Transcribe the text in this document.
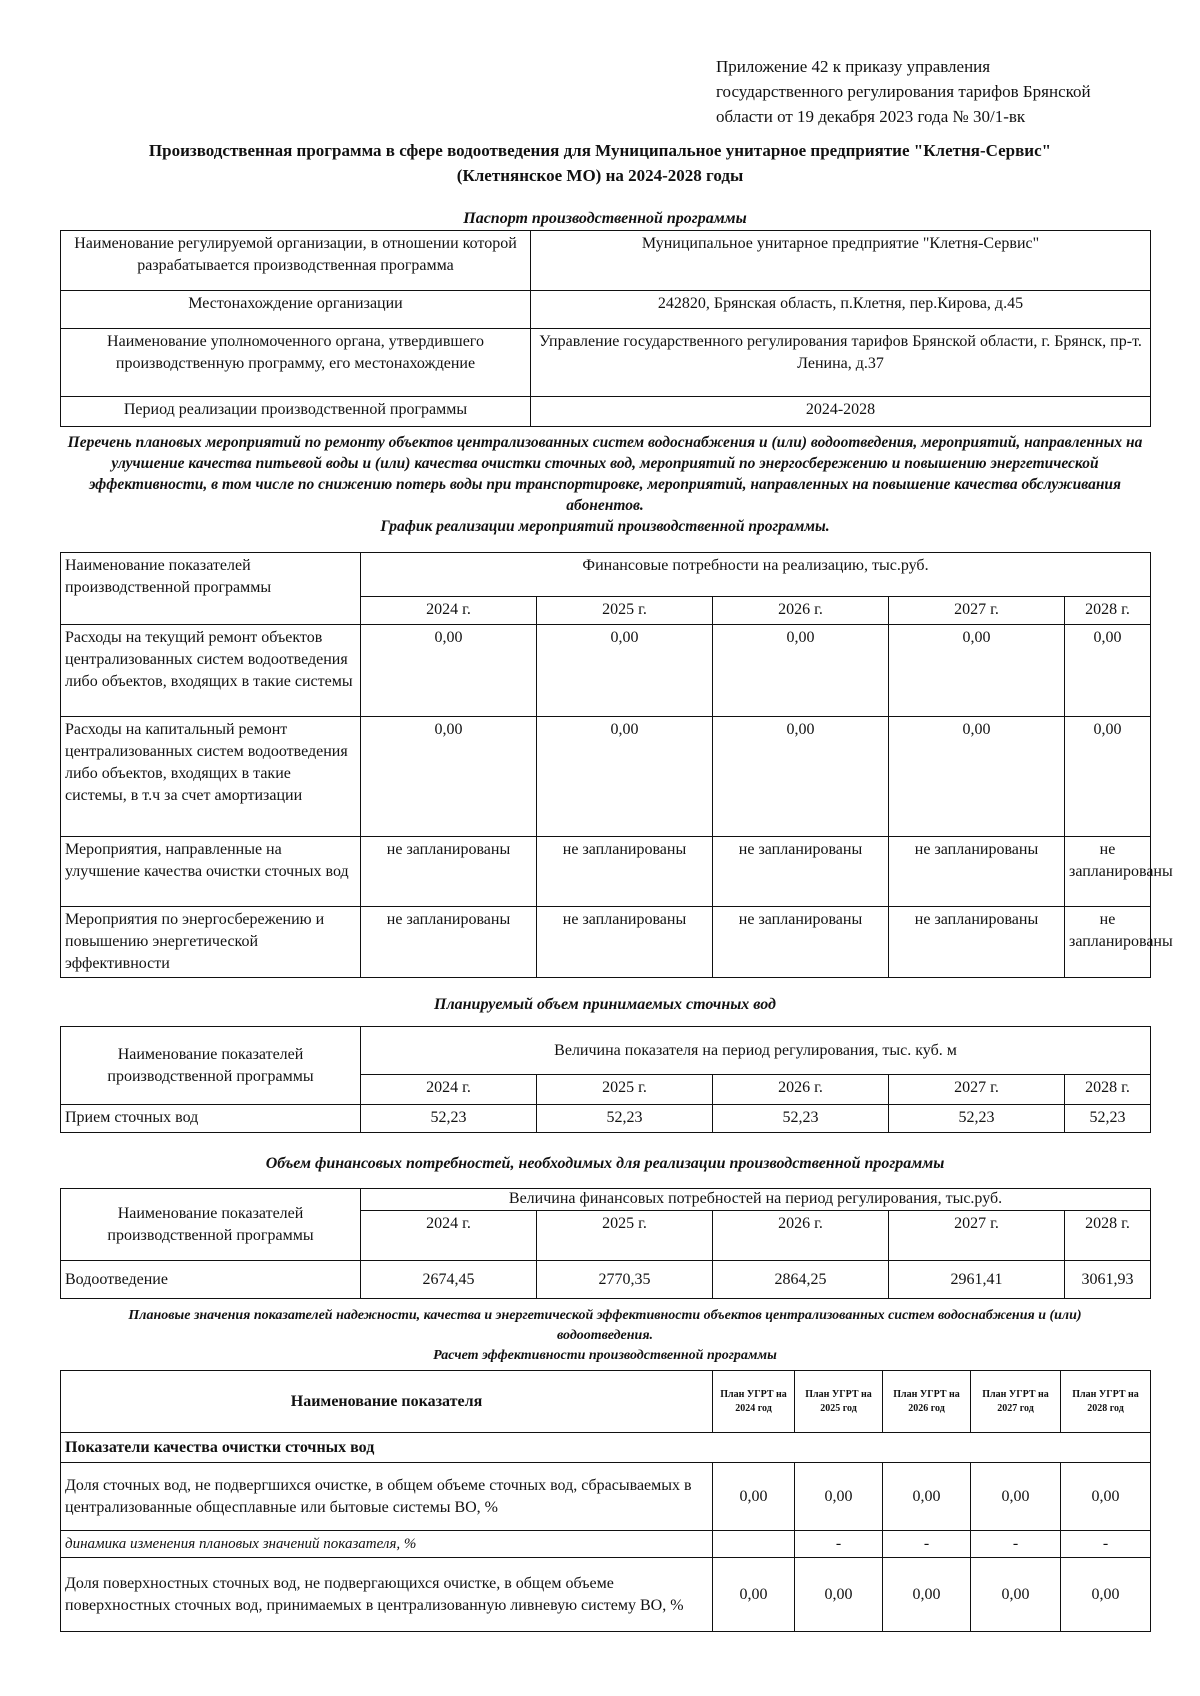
Приложение 42 к приказу управления
государственного регулирования тарифов Брянской
области от 19 декабря 2023 года № 30/1-вк
Производственная программа в сфере водоотведения для Муниципальное унитарное предприятие "Клетня-Сервис"
(Клетнянское МО) на 2024-2028 годы
Паспорт производственной программы
Наименование регулируемой организации, в отношении которой разрабатывается производственная программа	Муниципальное унитарное предприятие "Клетня-Сервис"
Местонахождение организации	242820, Брянская область, п.Клетня, пер.Кирова, д.45
Наименование уполномоченного органа, утвердившего производственную программу, его местонахождение	Управление государственного регулирования тарифов Брянской области, г. Брянск, пр-т. Ленина, д.37
Период реализации производственной программы	2024-2028
Перечень плановых мероприятий по ремонту объектов централизованных систем водоснабжения и (или) водоотведения, мероприятий, направленных на улучшение качества питьевой воды и (или) качества очистки сточных вод, мероприятий по энергосбережению и повышению энергетической эффективности, в том числе по снижению потерь воды при транспортировке, мероприятий, направленных на повышение качества обслуживания абонентов.
График реализации мероприятий производственной программы.
Наименование показателей производственной программы	Финансовые потребности на реализацию, тыс.руб.				
	2024 г.	2025 г.	2026 г.	2027 г.	2028 г.
Расходы на текущий ремонт объектов централизованных систем водоотведения либо объектов, входящих в такие системы	0,00	0,00	0,00	0,00	0,00
Расходы на капитальный ремонт централизованных систем водоотведения либо объектов, входящих в такие системы, в т.ч за счет амортизации	0,00	0,00	0,00	0,00	0,00
Мероприятия, направленные на улучшение качества очистки сточных вод	не запланированы	не запланированы	не запланированы	не запланированы	не запланированы
Мероприятия по энергосбережению и повышению энергетической эффективности	не запланированы	не запланированы	не запланированы	не запланированы	не запланированы
Планируемый объем принимаемых сточных вод
Наименование показателей производственной программы	Величина показателя на период регулирования, тыс. куб. м				
	2024 г.	2025 г.	2026 г.	2027 г.	2028 г.
Прием сточных вод	52,23	52,23	52,23	52,23	52,23
Объем финансовых потребностей, необходимых для реализации производственной программы
Наименование показателей производственной программы	Величина финансовых потребностей на период регулирования, тыс.руб.				
	2024 г.	2025 г.	2026 г.	2027 г.	2028 г.
Водоотведение	2674,45	2770,35	2864,25	2961,41	3061,93
Плановые значения показателей надежности, качества и энергетической эффективности объектов централизованных систем водоснабжения и (или) водоотведения.
Расчет эффективности производственной программы
Наименование показателя	План УГРТ на 2024 год	План УГРТ на 2025 год	План УГРТ на 2026 год	План УГРТ на 2027 год	План УГРТ на 2028 год
Показатели качества очистки сточных вод					
Доля сточных вод, не подвергшихся очистке, в общем объеме сточных вод, сбрасываемых в централизованные общесплавные или бытовые системы ВО, %	0,00	0,00	0,00	0,00	0,00
динамика изменения плановых значений показателя, %		-	-	-	-
Доля поверхностных сточных вод, не подвергающихся очистке, в общем объеме поверхностных сточных вод, принимаемых в централизованную ливневую систему ВО, %	0,00	0,00	0,00	0,00	0,00
